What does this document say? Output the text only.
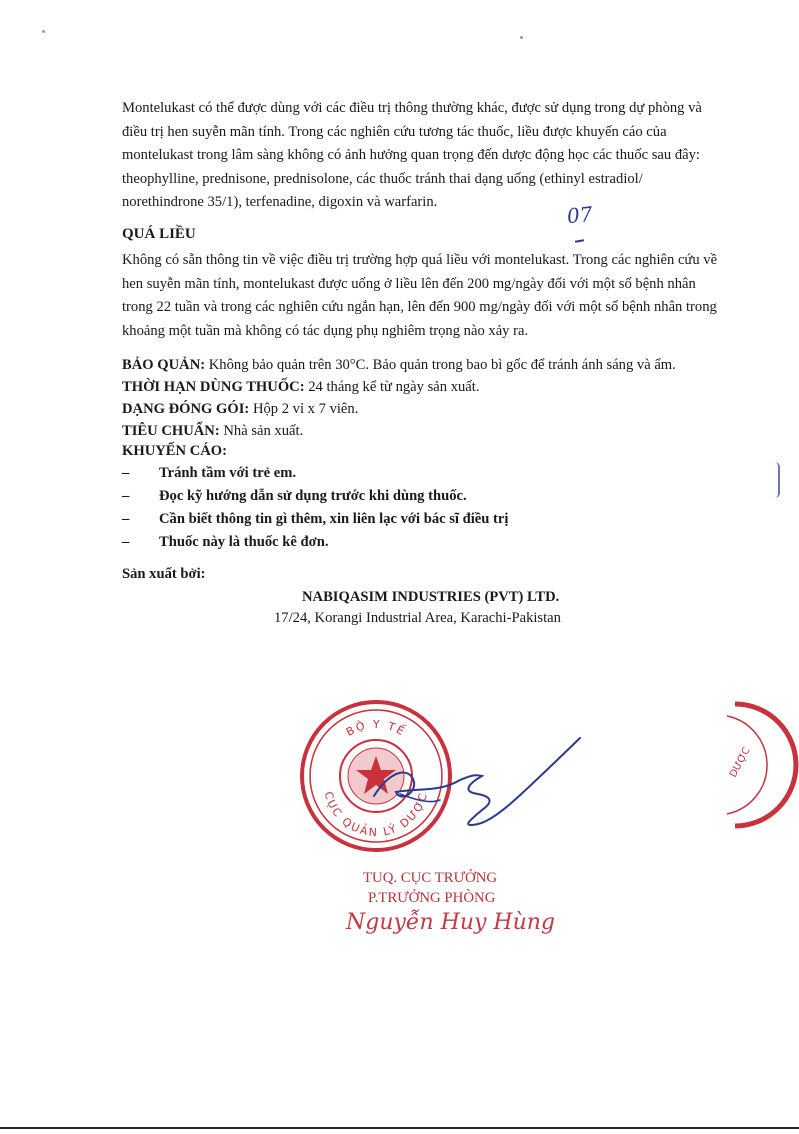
Montelukast có thể được dùng với các điều trị thông thường khác, được sử dụng trong dự phòng và điều trị hen suyễn mãn tính. Trong các nghiên cứu tương tác thuốc, liều được khuyến cáo của montelukast trong lâm sàng không có ảnh hưởng quan trọng đến dược động học các thuốc sau đây: theophylline, prednisone, prednisolone, các thuốc tránh thai dạng uống (ethinyl estradiol/ norethindrone 35/1), terfenadine, digoxin và warfarin.

QUÁ LIỀU

07

Không có sẵn thông tin về việc điều trị trường hợp quá liều với montelukast. Trong các nghiên cứu về hen suyễn mãn tính, montelukast được uống ở liều lên đến 200 mg/ngày đối với một số bệnh nhân trong 22 tuần và trong các nghiên cứu ngắn hạn, lên đến 900 mg/ngày đối với một số bệnh nhân trong khoảng một tuần mà không có tác dụng phụ nghiêm trọng nào xảy ra.

BẢO QUẢN: Không bảo quản trên 30°C. Bảo quản trong bao bì gốc để tránh ánh sáng và ẩm.

THỜI HẠN DÙNG THUỐC: 24 tháng kể từ ngày sản xuất.

DẠNG ĐÓNG GÓI: Hộp 2 vỉ x 7 viên.

TIÊU CHUẨN: Nhà sản xuất.

KHUYẾN CÁO:

– Tránh tầm với trẻ em.
– Đọc kỹ hướng dẫn sử dụng trước khi dùng thuốc.
– Cần biết thông tin gì thêm, xin liên lạc với bác sĩ điều trị
– Thuốc này là thuốc kê đơn.

Sản xuất bởi:

NABIQASIM INDUSTRIES (PVT) LTD.

17/24, Korangi Industrial Area, Karachi-Pakistan

BỘ Y TẾ
CỤC QUẢN LÝ DƯỢC
DƯỢC

TUQ. CỤC TRƯỞNG

P.TRƯỞNG PHÒNG

Nguyễn Huy Hùng
